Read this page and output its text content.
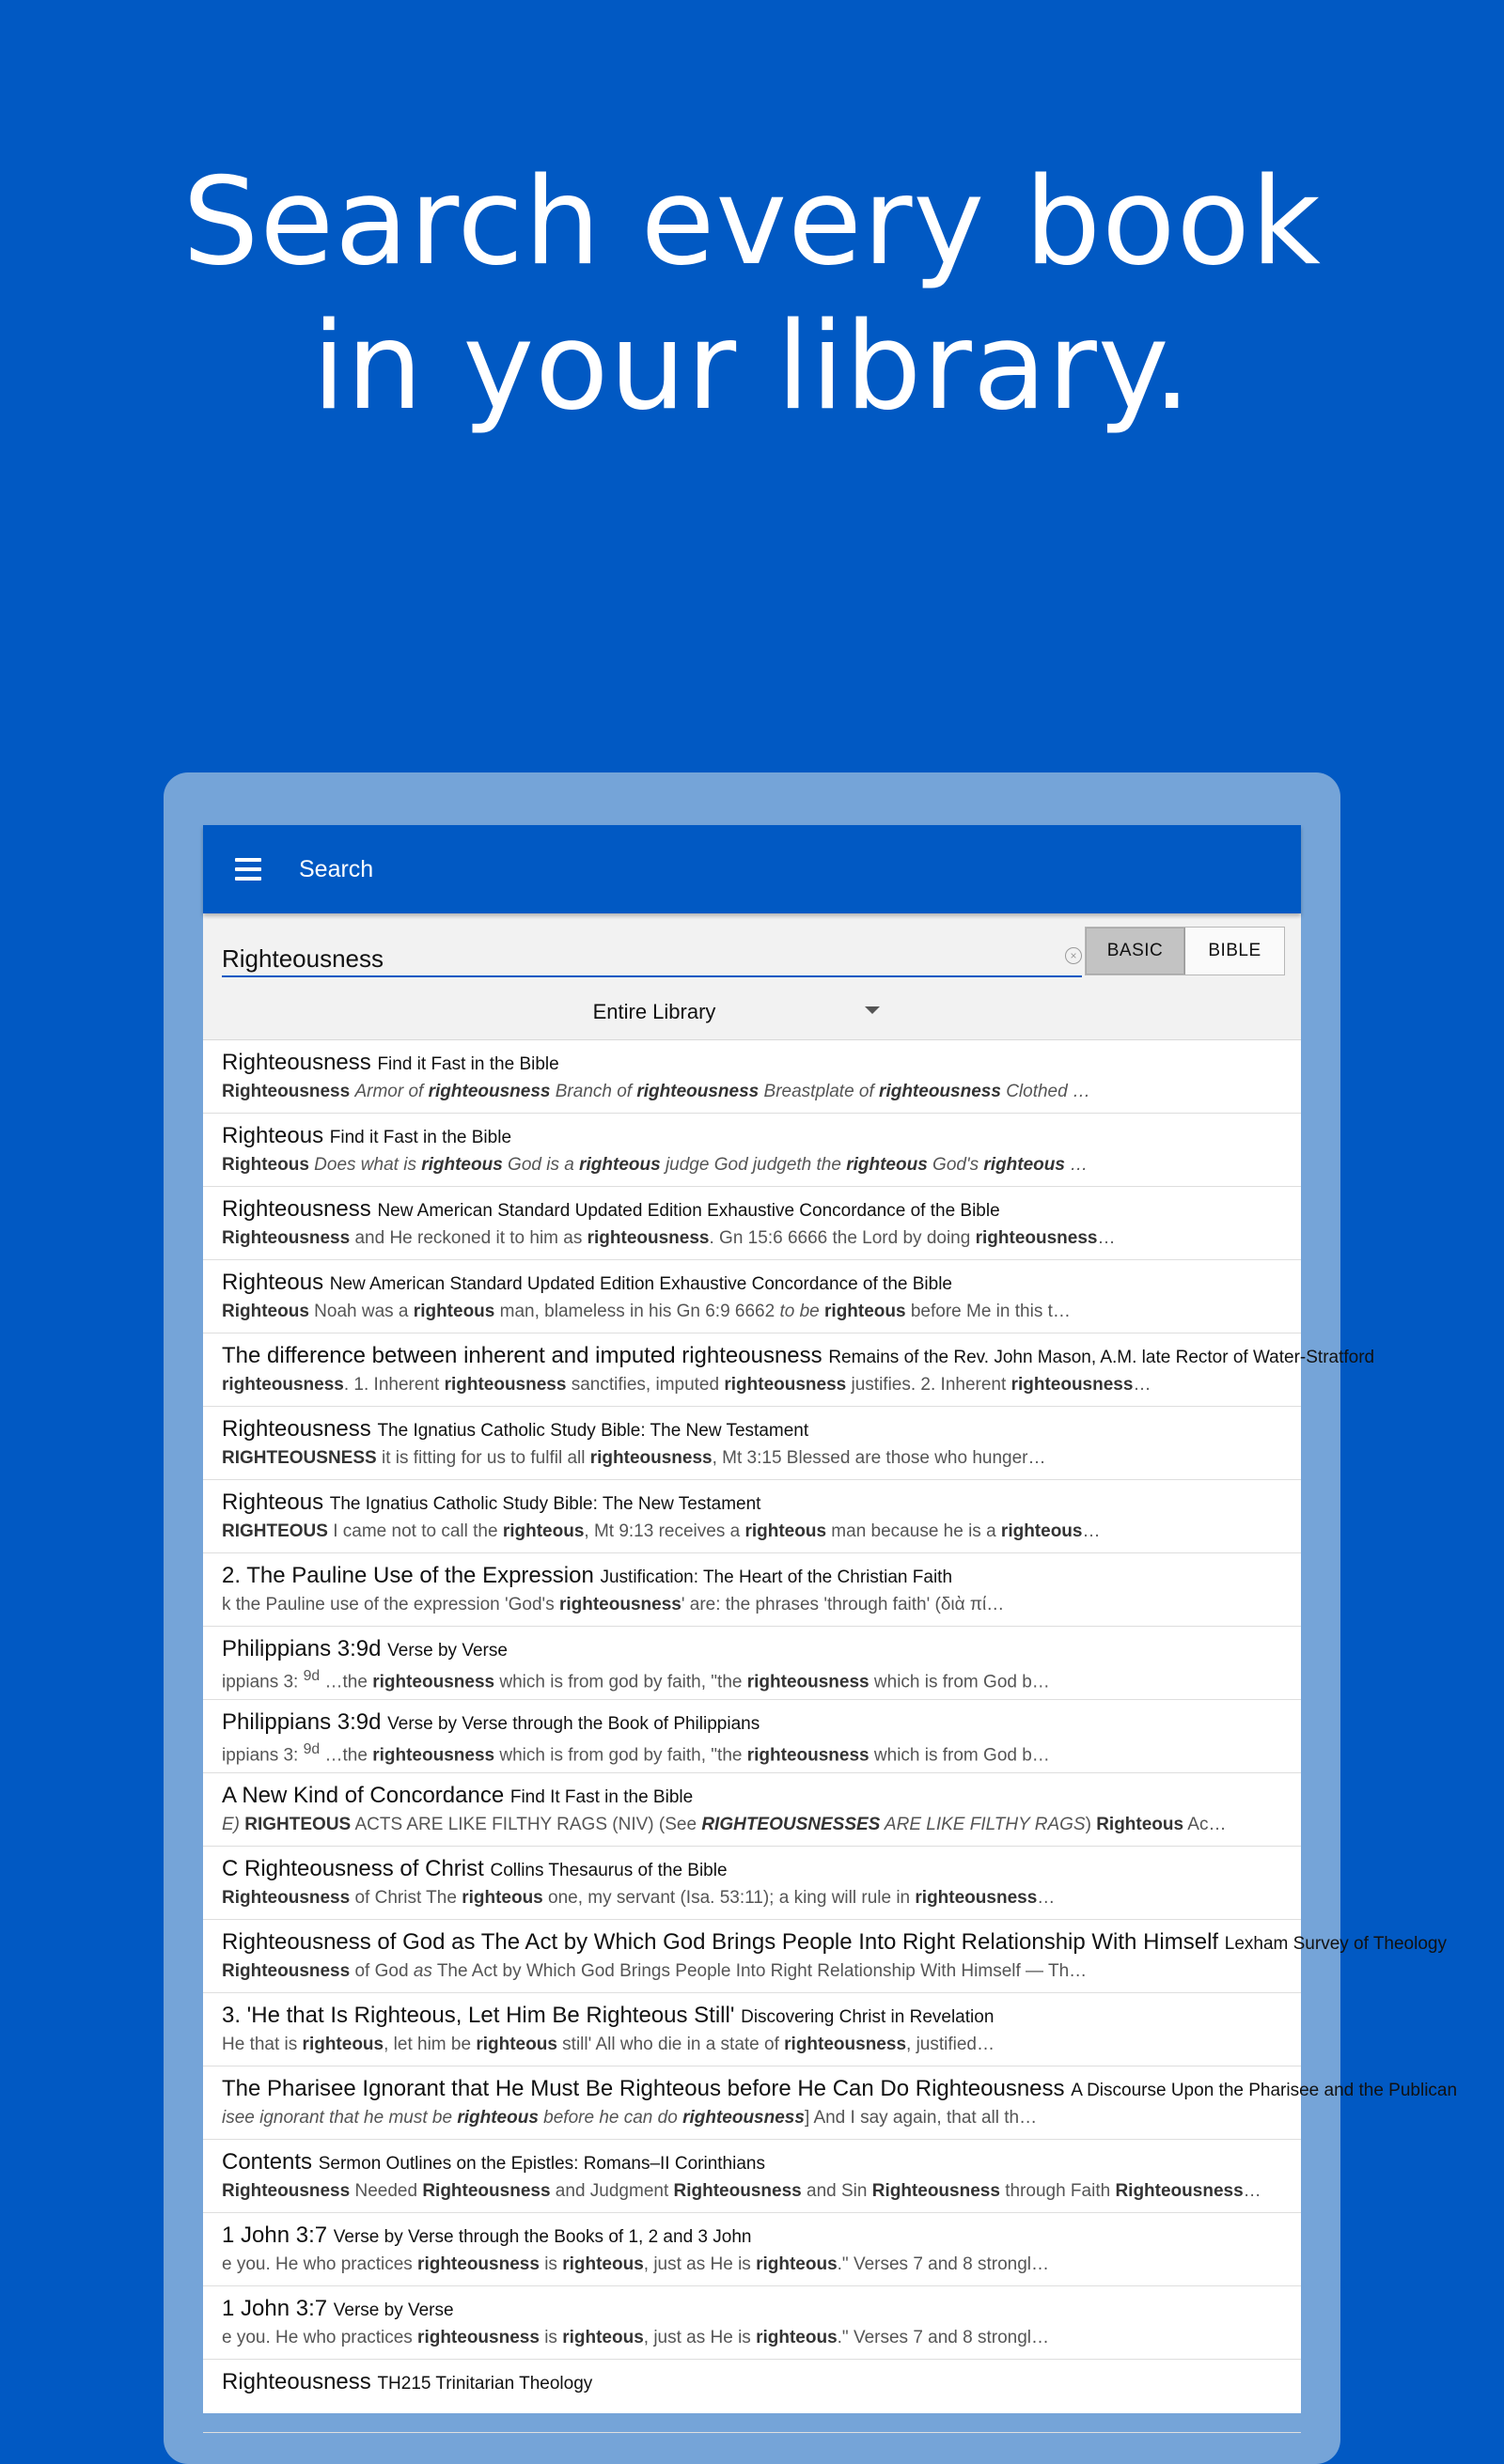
Search every book
in your library.
Search
Righteousness
×	BASIC	BIBLE
Entire Library
Righteousness Find it Fast in the Bible
Righteousness Armor of righteousness Branch of righteousness Breastplate of righteousness Clothed …
Righteous Find it Fast in the Bible
Righteous Does what is righteous God is a righteous judge God judgeth the righteous God's righteous …
Righteousness New American Standard Updated Edition Exhaustive Concordance of the Bible
Righteousness and He reckoned it to him as righteousness. Gn 15:6 6666 the Lord by doing righteousness…
Righteous New American Standard Updated Edition Exhaustive Concordance of the Bible
Righteous Noah was a righteous man, blameless in his Gn 6:9 6662 to be righteous before Me in this t…
The difference between inherent and imputed righteousness Remains of the Rev. John Mason, A.M. late Rector of Water-Stratford
righteousness. 1. Inherent righteousness sanctifies, imputed righteousness justifies. 2. Inherent righteousness…
Righteousness The Ignatius Catholic Study Bible: The New Testament
RIGHTEOUSNESS it is fitting for us to fulfil all righteousness, Mt 3:15 Blessed are those who hunger…
Righteous The Ignatius Catholic Study Bible: The New Testament
RIGHTEOUS I came not to call the righteous, Mt 9:13 receives a righteous man because he is a righteous…
2. The Pauline Use of the Expression Justification: The Heart of the Christian Faith
k the Pauline use of the expression 'God's righteousness' are: the phrases 'through faith' (διὰ πί…
Philippians 3:9d Verse by Verse
ippians 3: $^{9d}$ …the righteousness which is from god by faith, "the righteousness which is from God b…
Philippians 3:9d Verse by Verse through the Book of Philippians
ippians 3: $^{9d}$ …the righteousness which is from god by faith, "the righteousness which is from God b…
A New Kind of Concordance Find It Fast in the Bible
E) RIGHTEOUS ACTS ARE LIKE FILTHY RAGS (NIV) (See RIGHTEOUSNESSES ARE LIKE FILTHY RAGS) Righteous Ac…
C Righteousness of Christ Collins Thesaurus of the Bible
Righteousness of Christ The righteous one, my servant (Isa. 53:11); a king will rule in righteousness…
Righteousness of God as The Act by Which God Brings People Into Right Relationship With Himself Lexham Survey of Theology
Righteousness of God as The Act by Which God Brings People Into Right Relationship With Himself — Th…
3. 'He that Is Righteous, Let Him Be Righteous Still' Discovering Christ in Revelation
He that is righteous, let him be righteous still' All who die in a state of righteousness, justified…
The Pharisee Ignorant that He Must Be Righteous before He Can Do Righteousness A Discourse Upon the Pharisee and the Publican
isee ignorant that he must be righteous before he can do righteousness] And I say again, that all th…
Contents Sermon Outlines on the Epistles: Romans–II Corinthians
Righteousness Needed Righteousness and Judgment Righteousness and Sin Righteousness through Faith Righteousness…
1 John 3:7 Verse by Verse through the Books of 1, 2 and 3 John
e you. He who practices righteousness is righteous, just as He is righteous." Verses 7 and 8 strongl…
1 John 3:7 Verse by Verse
e you. He who practices righteousness is righteous, just as He is righteous." Verses 7 and 8 strongl…
Righteousness TH215 Trinitarian Theology
